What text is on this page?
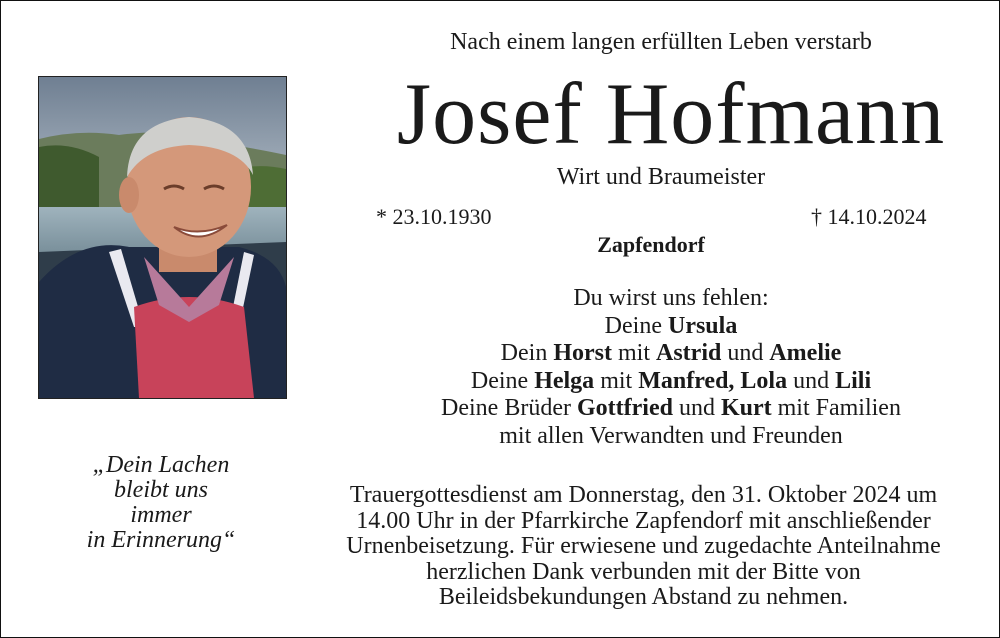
Nach einem langen erfüllten Leben verstarb
Josef Hofmann
Wirt und Braumeister
* 23.10.1930	† 14.10.2024
Zapfendorf
Du wirst uns fehlen:
Deine Ursula
Dein Horst mit Astrid und Amelie
Deine Helga mit Manfred, Lola und Lili
Deine Brüder Gottfried und Kurt mit Familien
mit allen Verwandten und Freunden
„Dein Lachen
bleibt uns
immer
in Erinnerung“
Trauergottesdienst am Donnerstag, den 31. Oktober 2024 um
14.00 Uhr in der Pfarrkirche Zapfendorf mit anschließender
Urnenbeisetzung. Für erwiesene und zugedachte Anteilnahme
herzlichen Dank verbunden mit der Bitte von
Beileidsbekundungen Abstand zu nehmen.
